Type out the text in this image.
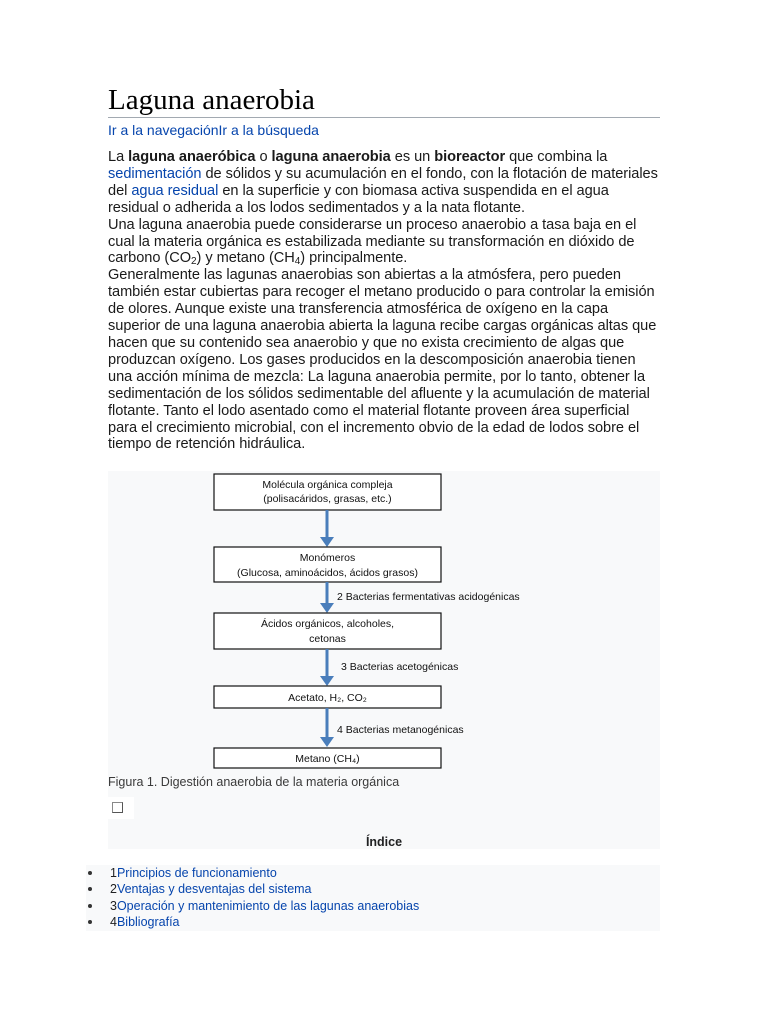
Laguna anaerobia
Ir a la navegaciónIr a la búsqueda

La laguna anaeróbica o laguna anaerobia es un bioreactor que combina la sedimentación de sólidos y su acumulación en el fondo, con la flotación de materiales del agua residual en la superficie y con biomasa activa suspendida en el agua residual o adherida a los lodos sedimentados y a la nata flotante.

Una laguna anaerobia puede considerarse un proceso anaerobio a tasa baja en el cual la materia orgánica es estabilizada mediante su transformación en dióxido de carbono $(CO_2)$ y metano $(CH_4)$ principalmente.

Generalmente las lagunas anaerobias son abiertas a la atmósfera, pero pueden también estar cubiertas para recoger el metano producido o para controlar la emisión de olores. Aunque existe una transferencia atmosférica de oxígeno en la capa superior de una laguna anaerobia abierta la laguna recibe cargas orgánicas altas que hacen que su contenido sea anaerobio y que no exista crecimiento de algas que produzcan oxígeno. Los gases producidos en la descomposición anaerobia tienen una acción mínima de mezcla: La laguna anaerobia permite, por lo tanto, obtener la sedimentación de los sólidos sedimentable del afluente y la acumulación de material flotante. Tanto el lodo asentado como el material flotante proveen área superficial para el crecimiento microbial, con el incremento obvio de la edad de lodos sobre el tiempo de retención hidráulica.

Molécula orgánica compleja
(polisacáridos, grasas, etc.)
Monómeros
(Glucosa, aminoácidos, ácidos grasos)
2 Bacterias fermentativas acidogénicas
Ácidos orgánicos, alcoholes,
cetonas
3 Bacterias acetogénicas
Acetato, H₂, CO₂
4 Bacterias metanogénicas
Metano (CH₄)
Figura 1. Digestión anaerobia de la materia orgánica
Índice
1Principios de funcionamiento
2Ventajas y desventajas del sistema
3Operación y mantenimiento de las lagunas anaerobias
4Bibliografía
